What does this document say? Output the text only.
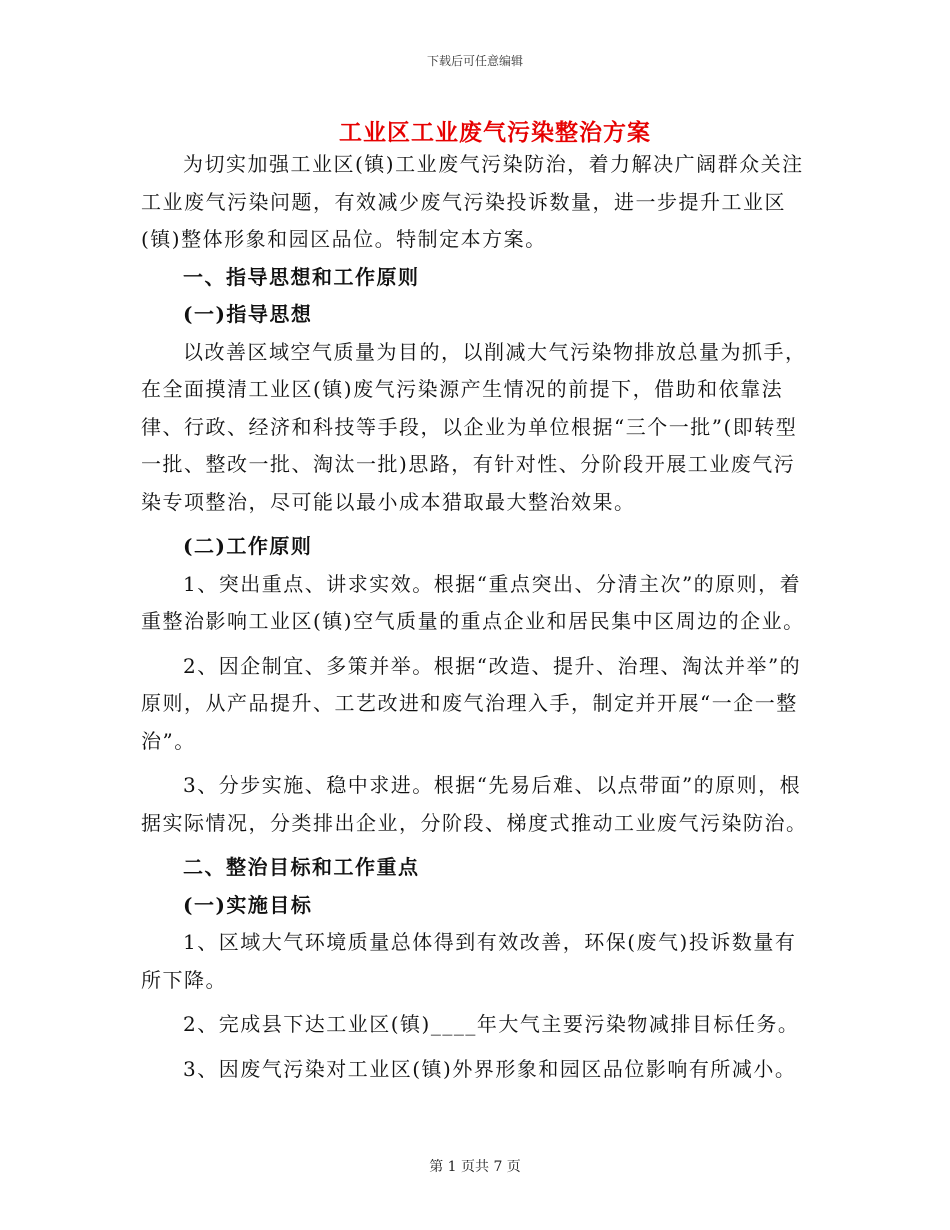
下载后可任意编辑
工业区工业废气污染整治方案

为切实加强工业区(镇)工业废气污染防治，着力解决广阔群众关注工业废气污染问题，有效减少废气污染投诉数量，进一步提升工业区(镇)整体形象和园区品位。特制定本方案。

一、指导思想和工作原则

(一)指导思想

以改善区域空气质量为目的，以削减大气污染物排放总量为抓手，在全面摸清工业区(镇)废气污染源产生情况的前提下，借助和依靠法律、行政、经济和科技等手段，以企业为单位根据“三个一批”(即转型一批、整改一批、淘汰一批)思路，有针对性、分阶段开展工业废气污染专项整治，尽可能以最小成本猎取最大整治效果。

(二)工作原则

1、突出重点、讲求实效。根据“重点突出、分清主次”的原则，着重整治影响工业区(镇)空气质量的重点企业和居民集中区周边的企业。

2、因企制宜、多策并举。根据“改造、提升、治理、淘汰并举”的原则，从产品提升、工艺改进和废气治理入手，制定并开展“一企一整治”。

3、分步实施、稳中求进。根据“先易后难、以点带面”的原则，根据实际情况，分类排出企业，分阶段、梯度式推动工业废气污染防治。

二、整治目标和工作重点

(一)实施目标

1、区域大气环境质量总体得到有效改善，环保(废气)投诉数量有所下降。

2、完成县下达工业区(镇)____年大气主要污染物减排目标任务。

3、因废气污染对工业区(镇)外界形象和园区品位影响有所减小。

第 1 页共 7 页
